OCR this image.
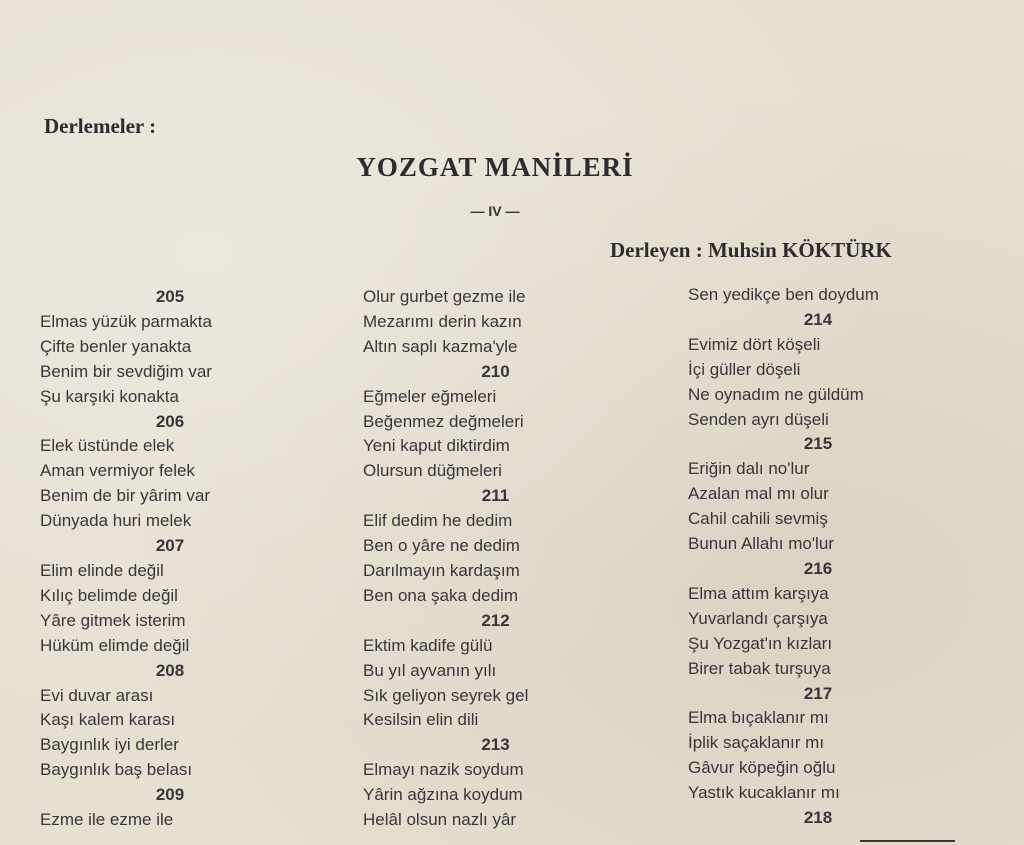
Derlemeler :
YOZGAT MANİLERİ
— IV —
Derleyen : Muhsin KÖKTÜRK
205
Elmas yüzük parmakta
Çifte benler yanakta
Benim bir sevdiğim var
Şu karşıki konakta
206
Elek üstünde elek
Aman vermiyor felek
Benim de bir yârim var
Dünyada huri melek
207
Elim elinde değil
Kılıç belimde değil
Yâre gitmek isterim
Hüküm elimde değil
208
Evi duvar arası
Kaşı kalem karası
Baygınlık iyi derler
Baygınlık baş belası
209
Ezme ile ezme ile
Olur gurbet gezme ile
Mezarımı derin kazın
Altın saplı kazma'yle
210
Eğmeler eğmeleri
Beğenmez değmeleri
Yeni kaput diktirdim
Olursun düğmeleri
211
Elif dedim he dedim
Ben o yâre ne dedim
Darılmayın kardaşım
Ben ona şaka dedim
212
Ektim kadife gülü
Bu yıl ayvanın yılı
Sık geliyon seyrek gel
Kesilsin elin dili
213
Elmayı nazik soydum
Yârin ağzına koydum
Helâl olsun nazlı yâr
Sen yedikçe ben doydum
214
Evimiz dört köşeli
İçi güller döşeli
Ne oynadım ne güldüm
Senden ayrı düşeli
215
Eriğin dalı no'lur
Azalan mal mı olur
Cahil cahili sevmiş
Bunun Allahı mo'lur
216
Elma attım karşıya
Yuvarlandı çarşıya
Şu Yozgat'ın kızları
Birer tabak turşuya
217
Elma bıçaklanır mı
İplik saçaklanır mı
Gâvur köpeğin oğlu
Yastık kucaklanır mı
218
